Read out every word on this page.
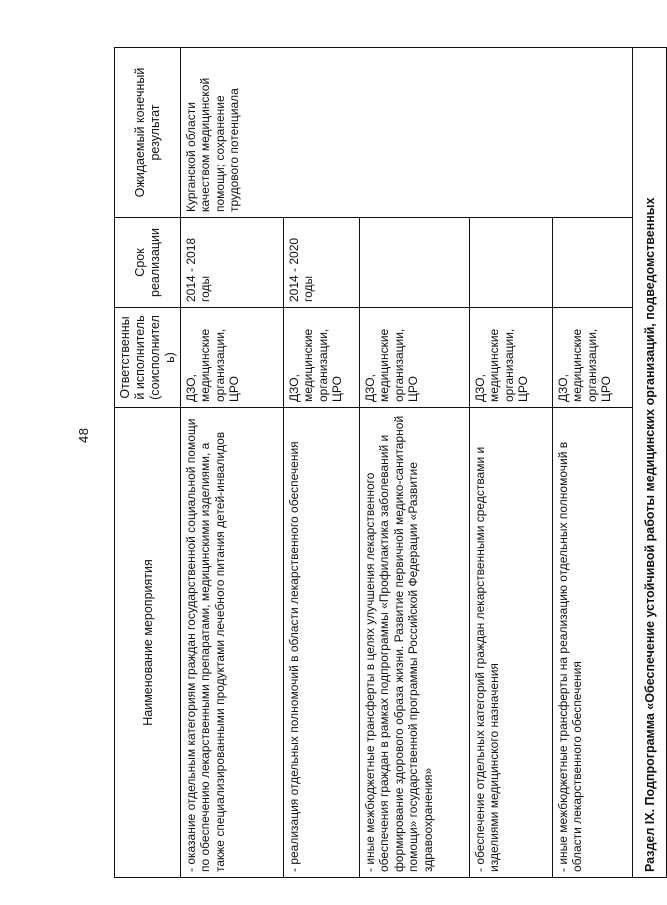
48
Наименование мероприятия	Ответственный исполнитель (соисполнитель)	Срок реализации	Ожидаемый конечный результат
- оказание отдельным категориям граждан государственной социальной помощи по обеспечению лекарственными препаратами, медицинскими изделиями, а также специализированными продуктами лечебного питания детей-инвалидов	ДЗО, медицинские организации, ЦРО	2014 - 2018 годы	Курганской области качеством медицинской помощи; сохранение трудового потенциала
- реализация отдельных полномочий в области лекарственного обеспечения	ДЗО, медицинские организации, ЦРО	2014 - 2020 годы	
- иные межбюджетные трансферты в целях улучшения лекарственного обеспечения граждан в рамках подпрограммы «Профилактика заболеваний и формирование здорового образа жизни. Развитие первичной медико-санитарной помощи» государственной программы Российской Федерации «Развитие здравоохранения»	ДЗО, медицинские организации, ЦРО		
- обеспечение отдельных категорий граждан лекарственными средствами и изделиями медицинского назначения	ДЗО, медицинские организации, ЦРО		
- иные межбюджетные трансферты на реализацию отдельных полномочий в области лекарственного обеспечения	ДЗО, медицинские организации, ЦРО		
Раздел IX. Подпрограмма «Обеспечение устойчивой работы медицинских организаций, подведомственных			
